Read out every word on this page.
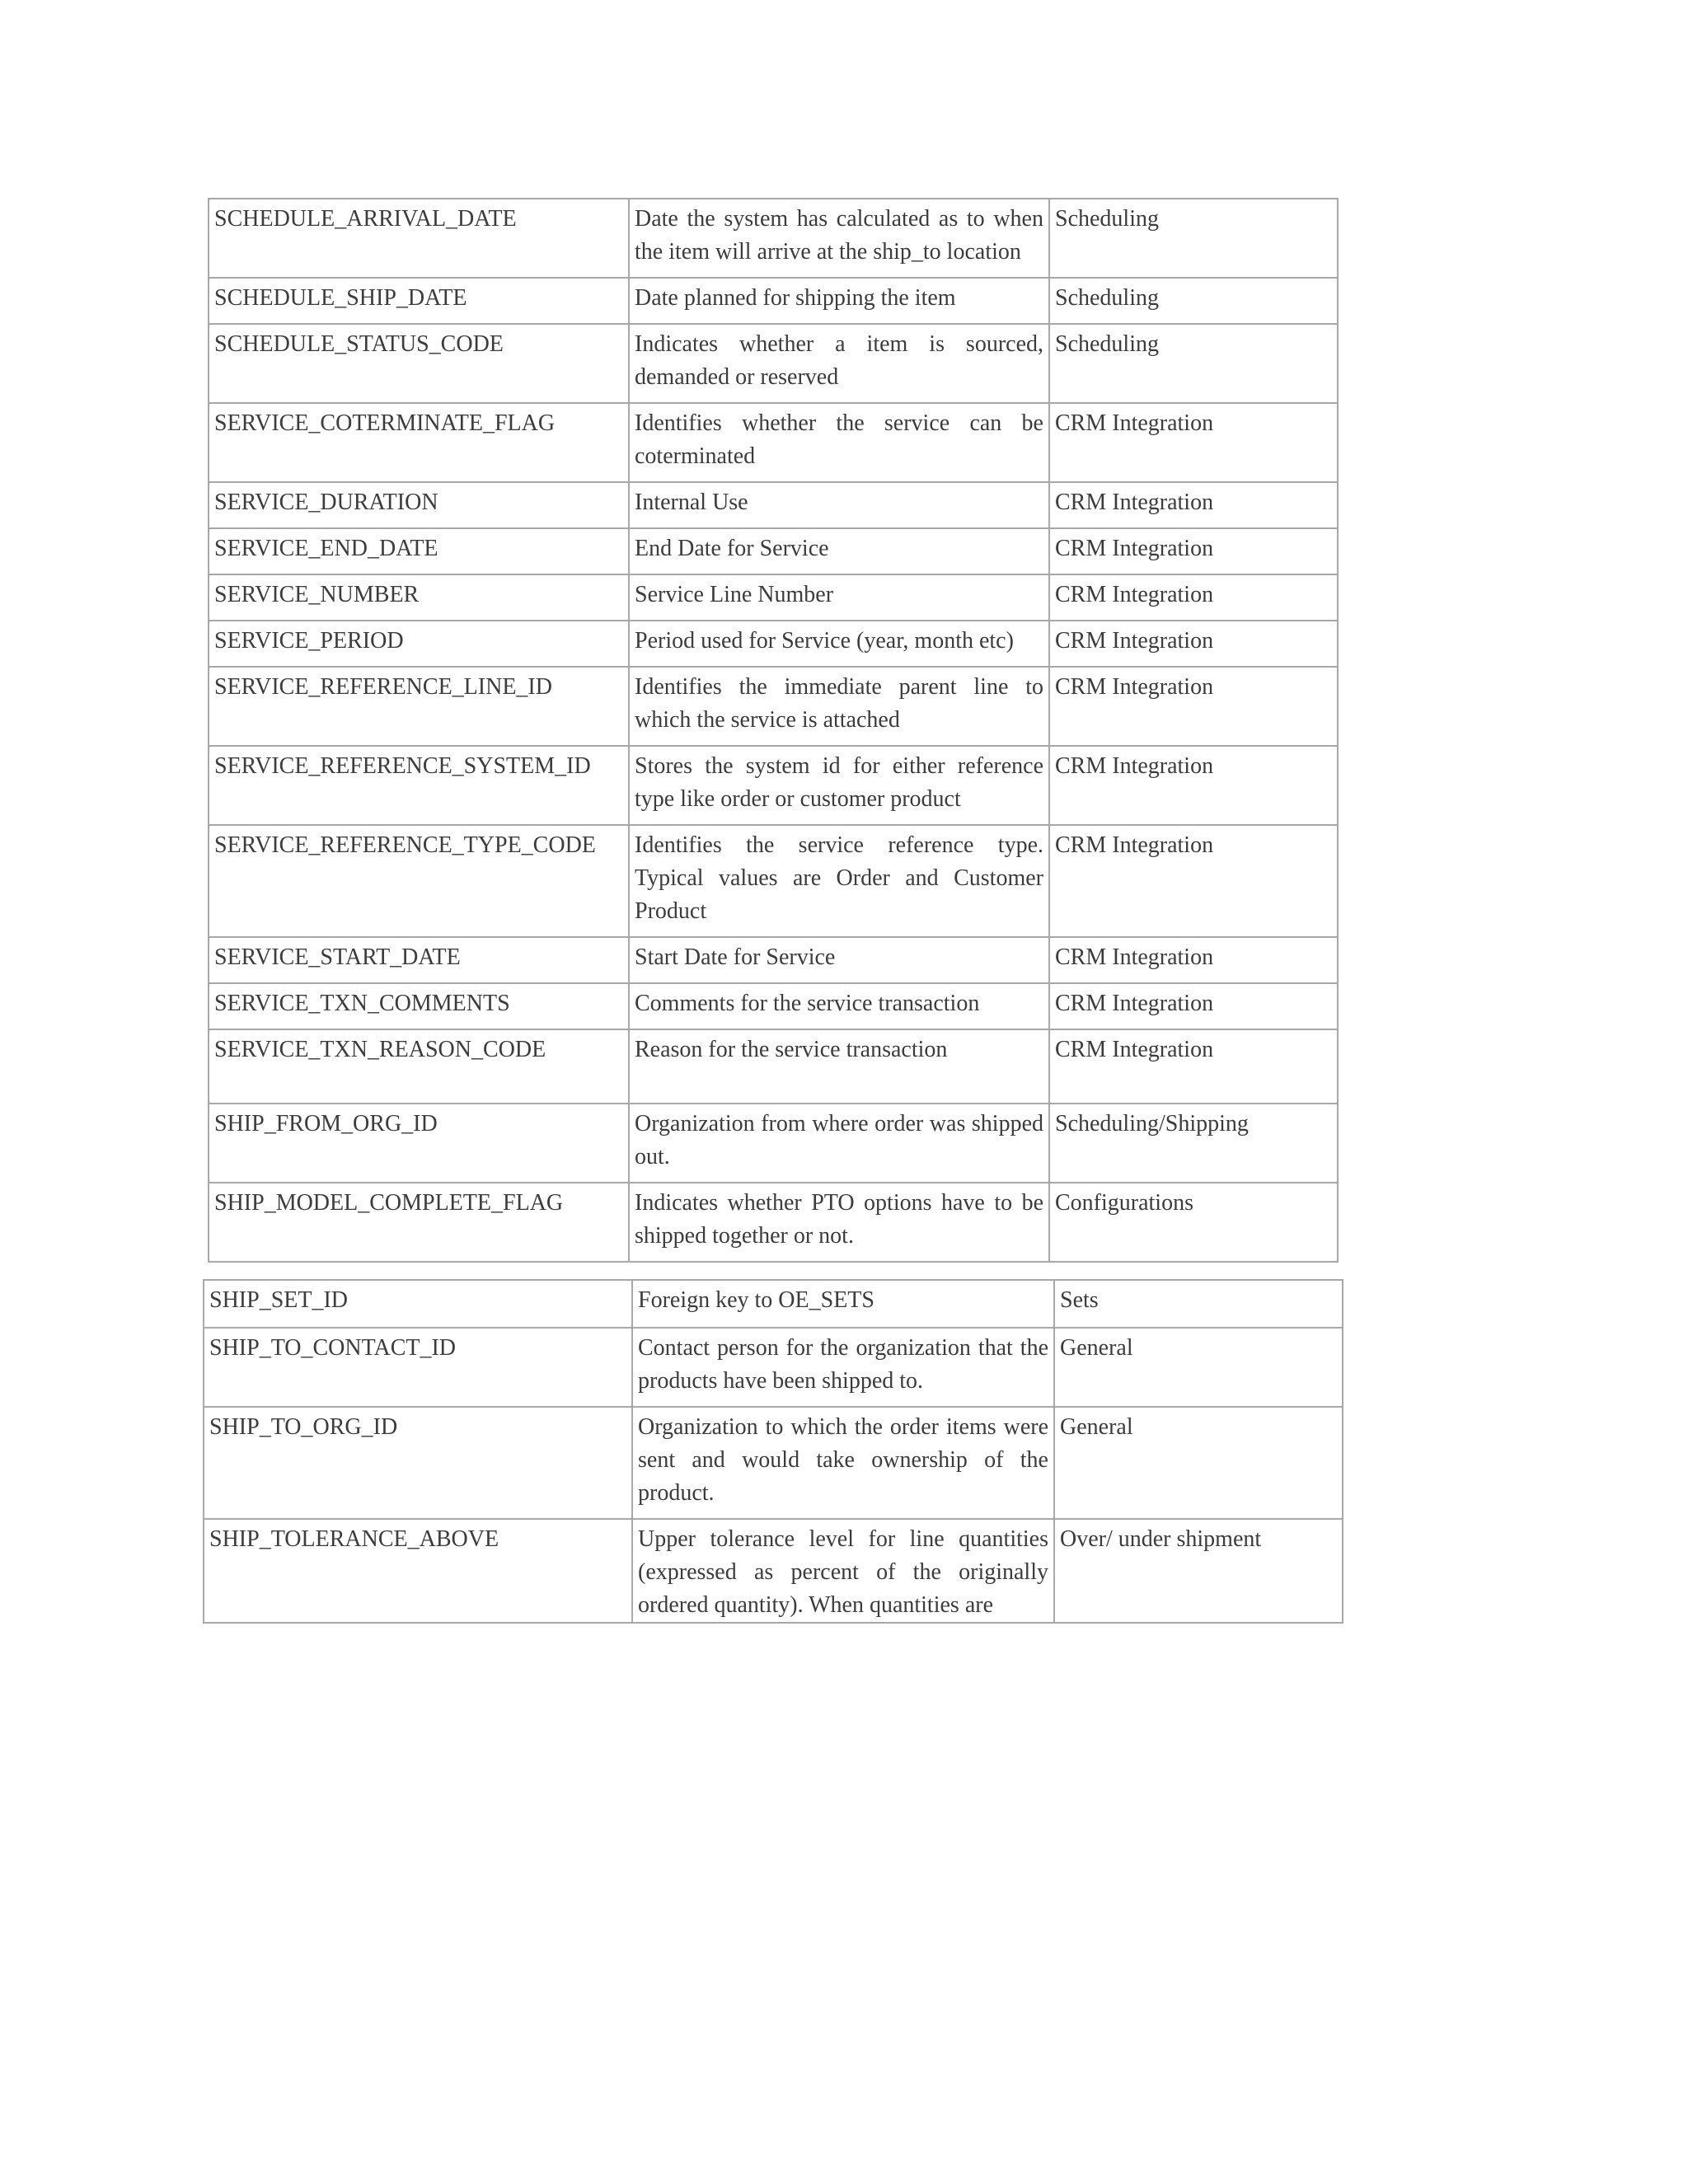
SCHEDULE_ARRIVAL_DATE	Date the system has calculated as to when the item will arrive at the ship_to location	Scheduling
SCHEDULE_SHIP_DATE	Date planned for shipping the item	Scheduling
SCHEDULE_STATUS_CODE	Indicates whether a item is sourced, demanded or reserved	Scheduling
SERVICE_COTERMINATE_FLAG	Identifies whether the service can be coterminated	CRM Integration
SERVICE_DURATION	Internal Use	CRM Integration
SERVICE_END_DATE	End Date for Service	CRM Integration
SERVICE_NUMBER	Service Line Number	CRM Integration
SERVICE_PERIOD	Period used for Service (year, month etc)	CRM Integration
SERVICE_REFERENCE_LINE_ID	Identifies the immediate parent line to which the service is attached	CRM Integration
SERVICE_REFERENCE_SYSTEM_ID	Stores the system id for either reference type like order or customer product	CRM Integration
SERVICE_REFERENCE_TYPE_CODE	Identifies the service reference type. Typical values are Order and Customer Product	CRM Integration
SERVICE_START_DATE	Start Date for Service	CRM Integration
SERVICE_TXN_COMMENTS	Comments for the service transaction	CRM Integration
SERVICE_TXN_REASON_CODE	Reason for the service transaction	CRM Integration
SHIP_FROM_ORG_ID	Organization from where order was shipped out.	Scheduling/Shipping
SHIP_MODEL_COMPLETE_FLAG	Indicates whether PTO options have to be shipped together or not.	Configurations
SHIP_SET_ID	Foreign key to OE_SETS	Sets
SHIP_TO_CONTACT_ID	Contact person for the organization that the products have been shipped to.	General
SHIP_TO_ORG_ID	Organization to which the order items were sent and would take ownership of the product.	General
SHIP_TOLERANCE_ABOVE	Upper tolerance level for line quantities (expressed as percent of the originally ordered quantity). When quantities are	Over/ under shipment
